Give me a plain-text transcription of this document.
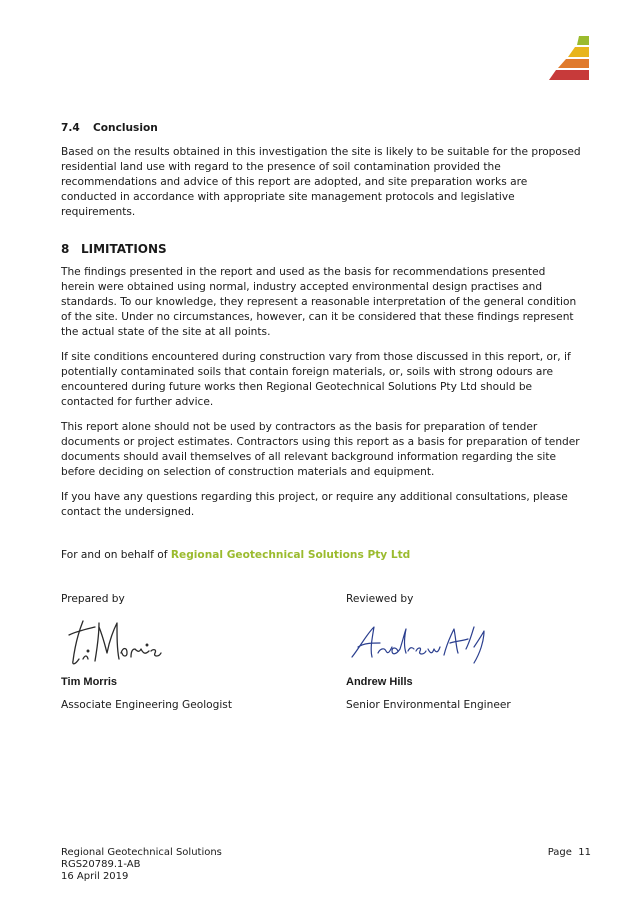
7.4 Conclusion

Based on the results obtained in this investigation the site is likely to be suitable for the proposed residential land use with regard to the presence of soil contamination provided the recommendations and advice of this report are adopted, and site preparation works are conducted in accordance with appropriate site management protocols and legislative requirements.

8 LIMITATIONS

The findings presented in the report and used as the basis for recommendations presented herein were obtained using normal, industry accepted environmental design practises and standards. To our knowledge, they represent a reasonable interpretation of the general condition of the site. Under no circumstances, however, can it be considered that these findings represent the actual state of the site at all points.

If site conditions encountered during construction vary from those discussed in this report, or, if potentially contaminated soils that contain foreign materials, or, soils with strong odours are encountered during future works then Regional Geotechnical Solutions Pty Ltd should be contacted for further advice.

This report alone should not be used by contractors as the basis for preparation of tender documents or project estimates. Contractors using this report as a basis for preparation of tender documents should avail themselves of all relevant background information regarding the site before deciding on selection of construction materials and equipment.

If you have any questions regarding this project, or require any additional consultations, please contact the undersigned.

For and on behalf of Regional Geotechnical Solutions Pty Ltd

Prepared by
Tim Morris
Associate Engineering Geologist
Reviewed by
Andrew Hills
Senior Environmental Engineer
Regional Geotechnical Solutions
RGS20789.1-AB
16 April 2019
Page 11
